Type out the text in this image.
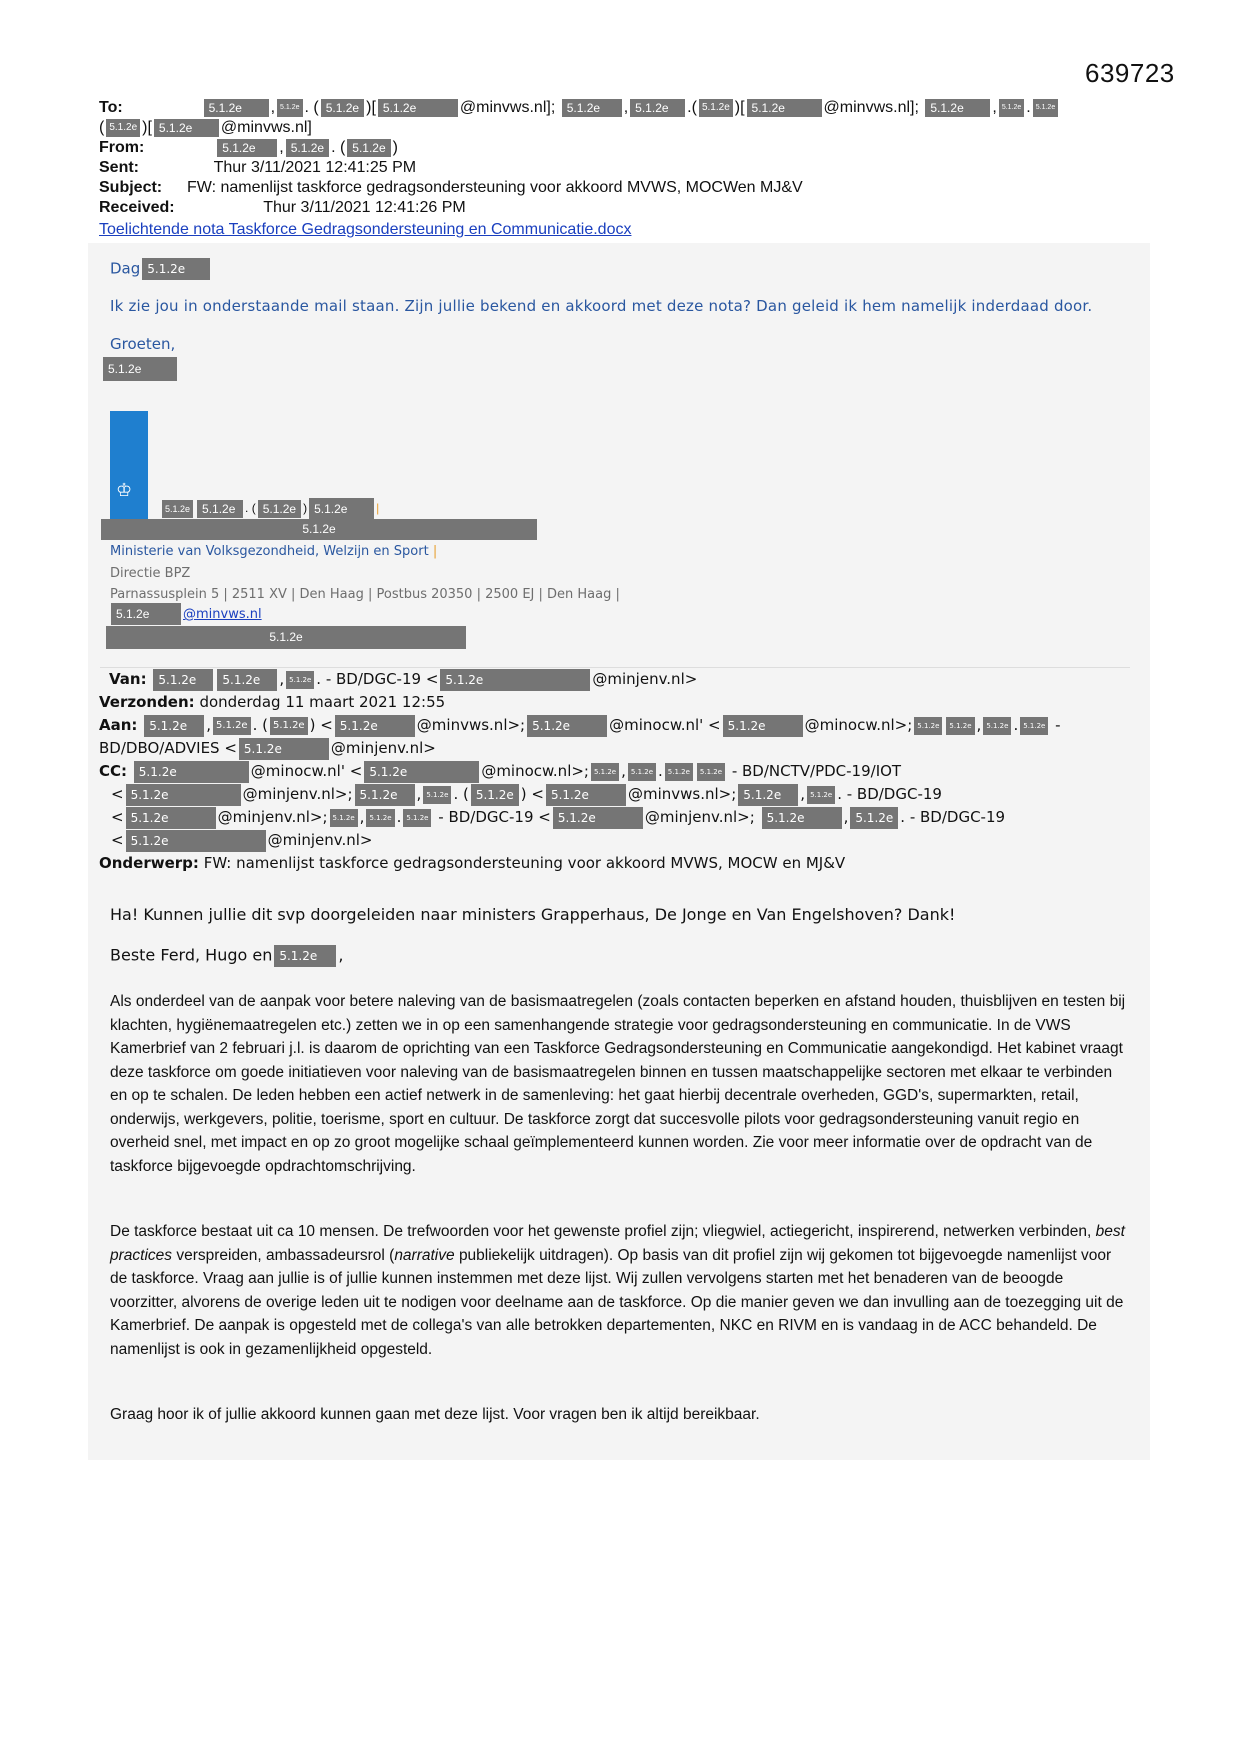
639723
To:	5.1.2e , 5.1.2e . ( 5.1.2e )[ 5.1.2e	@minvws.nl]; 5.1.2e , 5.1.2e .( 5.1.2e )[ 5.1.2e @minvws.nl]; 5.1.2e , 5.1.2e . 5.1.2e
( 5.1.2e )[ 5.1.2e @minvws.nl]
From:	5.1.2e , 5.1.2e . ( 5.1.2e )
Sent:	Thur 3/11/2021 12:41:25 PM
Subject: FW: namenlijst taskforce gedragsondersteuning voor akkoord MVWS, MOCWen MJ&V
Received:	Thur 3/11/2021 12:41:26 PM
Toelichtende nota Taskforce Gedragsondersteuning en Communicatie.docx
Dag 5.1.2e
Ik zie jou in onderstaande mail staan. Zijn jullie bekend en akkoord met deze nota? Dan geleid ik hem namelijk inderdaad door.
Groeten,
5.1.2e
♔
5.1.2e 5.1.2e . ( 5.1.2e ) 5.1.2e |
5.1.2e
Ministerie van Volksgezondheid, Welzijn en Sport |
Directie BPZ
Parnassusplein 5 | 2511 XV | Den Haag | Postbus 20350 | 2500 EJ | Den Haag |
5.1.2e	@minvws.nl
5.1.2e
Van: 5.1.2e 5.1.2e , 5.1.2e . - BD/DGC-19 < 5.1.2e	@minjenv.nl>
Verzonden: donderdag 11 maart 2021 12:55
Aan: 5.1.2e , 5.1.2e . ( 5.1.2e ) < 5.1.2e	@minvws.nl>; 5.1.2e	@minocw.nl' < 5.1.2e	@minocw.nl>; 5.1.2e 5.1.2e , 5.1.2e . 5.1.2e -
BD/DBO/ADVIES < 5.1.2e	@minjenv.nl>
CC: 5.1.2e	@minocw.nl' < 5.1.2e	@minocw.nl>; 5.1.2e , 5.1.2e . 5.1.2e 5.1.2e - BD/NCTV/PDC-19/IOT
< 5.1.2e	@minjenv.nl>; 5.1.2e , 5.1.2e . ( 5.1.2e ) < 5.1.2e	@minvws.nl>; 5.1.2e , 5.1.2e . - BD/DGC-19
< 5.1.2e	@minjenv.nl>; 5.1.2e , 5.1.2e . 5.1.2e - BD/DGC-19 < 5.1.2e	@minjenv.nl>; 5.1.2e	, 5.1.2e . - BD/DGC-19
< 5.1.2e	@minjenv.nl>
Onderwerp: FW: namenlijst taskforce gedragsondersteuning voor akkoord MVWS, MOCW en MJ&V
Ha! Kunnen jullie dit svp doorgeleiden naar ministers Grapperhaus, De Jonge en Van Engelshoven? Dank!
Beste Ferd, Hugo en 5.1.2e ,
Als onderdeel van de aanpak voor betere naleving van de basismaatregelen (zoals contacten beperken en afstand houden, thuisblijven en testen bij klachten, hygiënemaatregelen etc.) zetten we in op een samenhangende strategie voor gedragsondersteuning en communicatie. In de VWS Kamerbrief van 2 februari j.l. is daarom de oprichting van een Taskforce Gedragsondersteuning en Communicatie aangekondigd. Het kabinet vraagt deze taskforce om goede initiatieven voor naleving van de basismaatregelen binnen en tussen maatschappelijke sectoren met elkaar te verbinden en op te schalen. De leden hebben een actief netwerk in de samenleving: het gaat hierbij decentrale overheden, GGD's, supermarkten, retail, onderwijs, werkgevers, politie, toerisme, sport en cultuur. De taskforce zorgt dat succesvolle pilots voor gedragsondersteuning vanuit regio en overheid snel, met impact en op zo groot mogelijke schaal geïmplementeerd kunnen worden. Zie voor meer informatie over de opdracht van de taskforce bijgevoegde opdrachtomschrijving.
De taskforce bestaat uit ca 10 mensen. De trefwoorden voor het gewenste profiel zijn; vliegwiel, actiegericht, inspirerend, netwerken verbinden, best practices verspreiden, ambassadeursrol (narrative publiekelijk uitdragen). Op basis van dit profiel zijn wij gekomen tot bijgevoegde namenlijst voor de taskforce. Vraag aan jullie is of jullie kunnen instemmen met deze lijst. Wij zullen vervolgens starten met het benaderen van de beoogde voorzitter, alvorens de overige leden uit te nodigen voor deelname aan de taskforce. Op die manier geven we dan invulling aan de toezegging uit de Kamerbrief. De aanpak is opgesteld met de collega's van alle betrokken departementen, NKC en RIVM en is vandaag in de ACC behandeld. De namenlijst is ook in gezamenlijkheid opgesteld.
Graag hoor ik of jullie akkoord kunnen gaan met deze lijst. Voor vragen ben ik altijd bereikbaar.
